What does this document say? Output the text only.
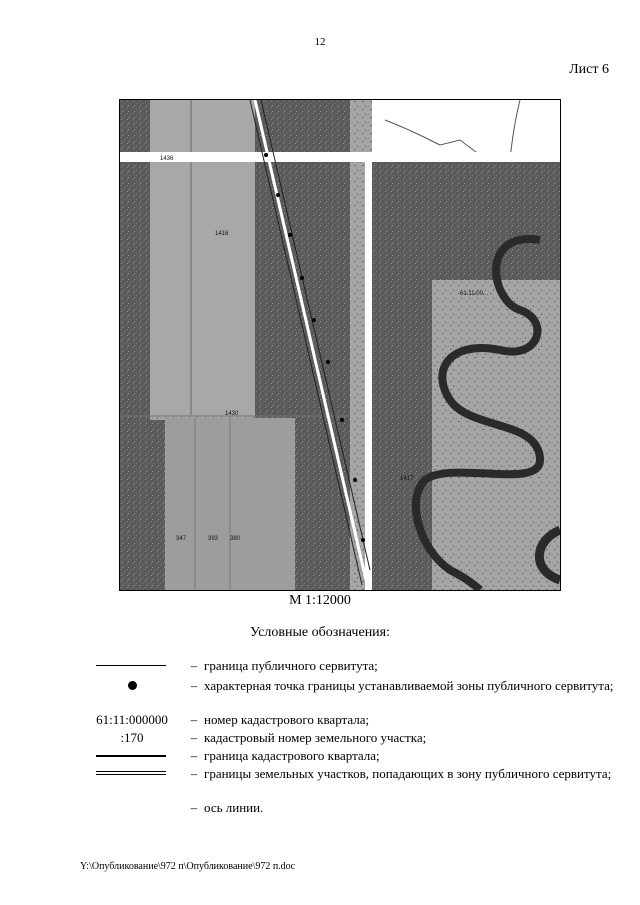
12
Лист 6
1436
1416
1430
61:11:00…
347	393 380
1417
М 1:12000
Условные обозначения:
– граница публичного сервитута;
– характерная точка границы устанавливаемой зоны публичного сервитута;
61:11:000000	– номер кадастрового квартала;
:170	– кадастровый номер земельного участка;
– граница кадастрового квартала;
– границы земельных участков, попадающих в зону публичного сервитута;
– ось линии.
Y:\Опубликование\972 п\Опубликование\972 п.doc
